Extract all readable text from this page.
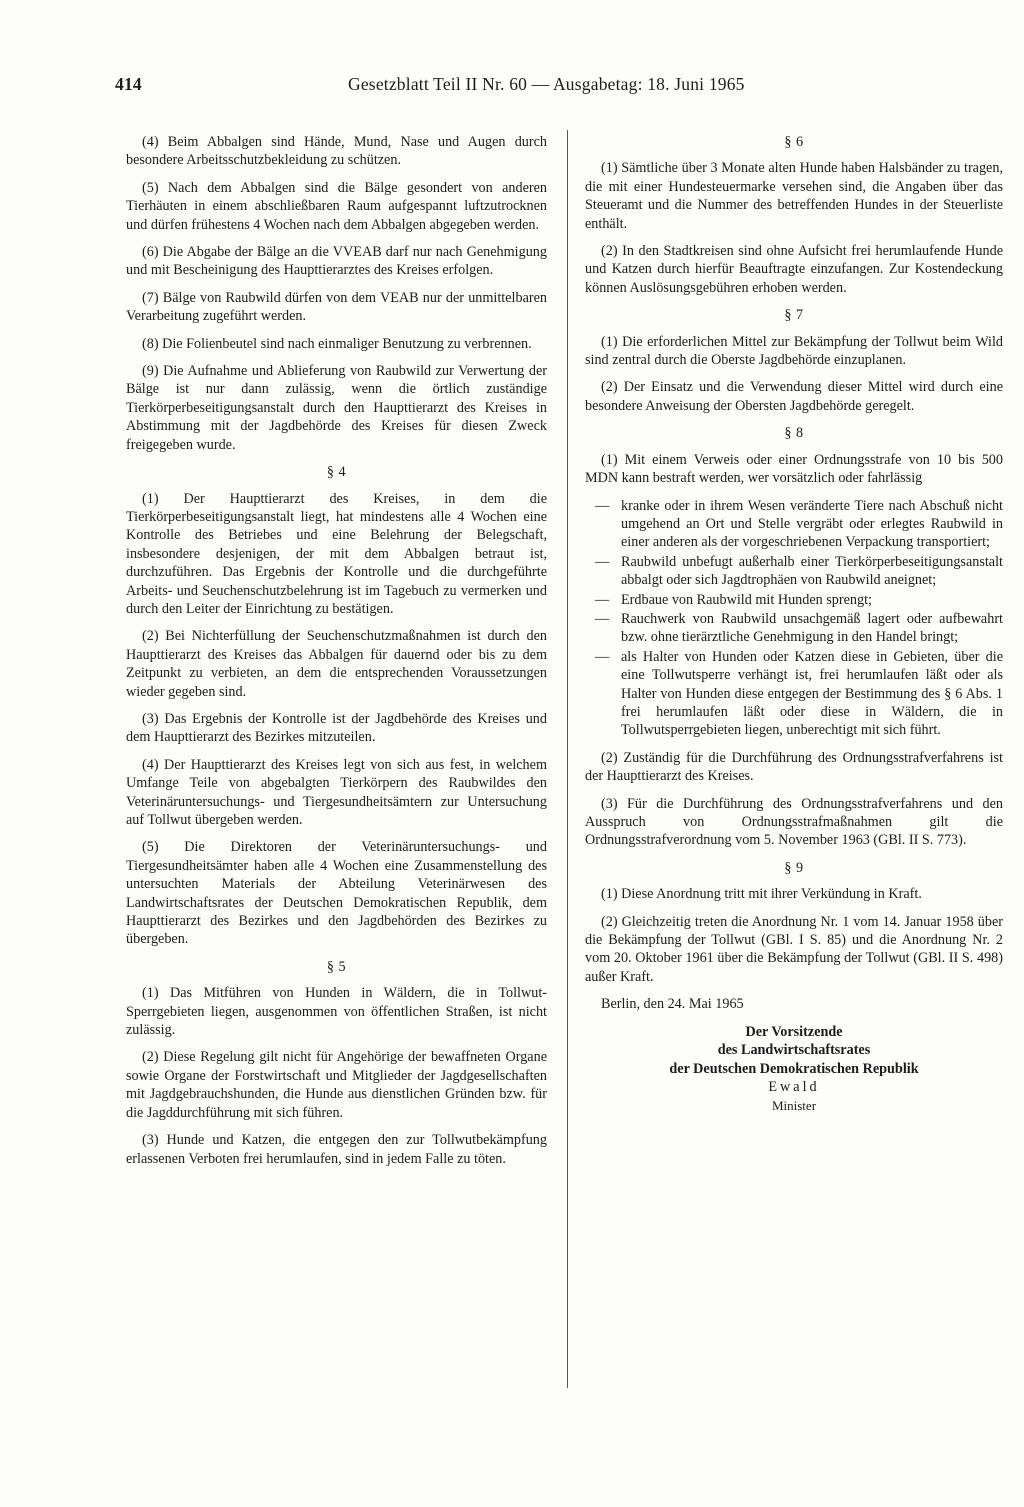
414	Gesetzblatt Teil II Nr. 60 — Ausgabetag: 18. Juni 1965

(4) Beim Abbalgen sind Hände, Mund, Nase und Augen durch besondere Arbeitsschutzbekleidung zu schützen.

(5) Nach dem Abbalgen sind die Bälge gesondert von anderen Tierhäuten in einem abschließbaren Raum aufgespannt luftzutrocknen und dürfen frühestens 4 Wochen nach dem Abbalgen abgegeben werden.

(6) Die Abgabe der Bälge an die VVEAB darf nur nach Genehmigung und mit Bescheinigung des Haupttierarztes des Kreises erfolgen.

(7) Bälge von Raubwild dürfen von dem VEAB nur der unmittelbaren Verarbeitung zugeführt werden.

(8) Die Folienbeutel sind nach einmaliger Benutzung zu verbrennen.

(9) Die Aufnahme und Ablieferung von Raubwild zur Verwertung der Bälge ist nur dann zulässig, wenn die örtlich zuständige Tierkörperbeseitigungsanstalt durch den Haupttierarzt des Kreises in Abstimmung mit der Jagdbehörde des Kreises für diesen Zweck freigegeben wurde.

§ 4

(1) Der Haupttierarzt des Kreises, in dem die Tierkörperbeseitigungsanstalt liegt, hat mindestens alle 4 Wochen eine Kontrolle des Betriebes und eine Belehrung der Belegschaft, insbesondere desjenigen, der mit dem Abbalgen betraut ist, durchzuführen. Das Ergebnis der Kontrolle und die durchgeführte Arbeits- und Seuchenschutzbelehrung ist im Tagebuch zu vermerken und durch den Leiter der Einrichtung zu bestätigen.

(2) Bei Nichterfüllung der Seuchenschutzmaßnahmen ist durch den Haupttierarzt des Kreises das Abbalgen für dauernd oder bis zu dem Zeitpunkt zu verbieten, an dem die entsprechenden Voraussetzungen wieder gegeben sind.

(3) Das Ergebnis der Kontrolle ist der Jagdbehörde des Kreises und dem Haupttierarzt des Bezirkes mitzuteilen.

(4) Der Haupttierarzt des Kreises legt von sich aus fest, in welchem Umfange Teile von abgebalgten Tierkörpern des Raubwildes den Veterinäruntersuchungs- und Tiergesundheitsämtern zur Untersuchung auf Tollwut übergeben werden.

(5) Die Direktoren der Veterinäruntersuchungs- und Tiergesundheitsämter haben alle 4 Wochen eine Zusammenstellung des untersuchten Materials der Abteilung Veterinärwesen des Landwirtschaftsrates der Deutschen Demokratischen Republik, dem Haupttierarzt des Bezirkes und den Jagdbehörden des Bezirkes zu übergeben.

§ 5

(1) Das Mitführen von Hunden in Wäldern, die in Tollwut-Sperrgebieten liegen, ausgenommen von öffentlichen Straßen, ist nicht zulässig.

(2) Diese Regelung gilt nicht für Angehörige der bewaffneten Organe sowie Organe der Forstwirtschaft und Mitglieder der Jagdgesellschaften mit Jagdgebrauchshunden, die Hunde aus dienstlichen Gründen bzw. für die Jagddurchführung mit sich führen.

(3) Hunde und Katzen, die entgegen den zur Tollwutbekämpfung erlassenen Verboten frei herumlaufen, sind in jedem Falle zu töten.

§ 6

(1) Sämtliche über 3 Monate alten Hunde haben Halsbänder zu tragen, die mit einer Hundesteuermarke versehen sind, die Angaben über das Steueramt und die Nummer des betreffenden Hundes in der Steuerliste enthält.

(2) In den Stadtkreisen sind ohne Aufsicht frei herumlaufende Hunde und Katzen durch hierfür Beauftragte einzufangen. Zur Kostendeckung können Auslösungsgebühren erhoben werden.

§ 7

(1) Die erforderlichen Mittel zur Bekämpfung der Tollwut beim Wild sind zentral durch die Oberste Jagdbehörde einzuplanen.

(2) Der Einsatz und die Verwendung dieser Mittel wird durch eine besondere Anweisung der Obersten Jagdbehörde geregelt.

§ 8

(1) Mit einem Verweis oder einer Ordnungsstrafe von 10 bis 500 MDN kann bestraft werden, wer vorsätzlich oder fahrlässig

— kranke oder in ihrem Wesen veränderte Tiere nach Abschuß nicht umgehend an Ort und Stelle vergräbt oder erlegtes Raubwild in einer anderen als der vorgeschriebenen Verpackung transportiert;
— Raubwild unbefugt außerhalb einer Tierkörperbeseitigungsanstalt abbalgt oder sich Jagdtrophäen von Raubwild aneignet;
— Erdbaue von Raubwild mit Hunden sprengt;
— Rauchwerk von Raubwild unsachgemäß lagert oder aufbewahrt bzw. ohne tierärztliche Genehmigung in den Handel bringt;
— als Halter von Hunden oder Katzen diese in Gebieten, über die eine Tollwutsperre verhängt ist, frei herumlaufen läßt oder als Halter von Hunden diese entgegen der Bestimmung des § 6 Abs. 1 frei herumlaufen läßt oder diese in Wäldern, die in Tollwutsperrgebieten liegen, unberechtigt mit sich führt.

(2) Zuständig für die Durchführung des Ordnungsstrafverfahrens ist der Haupttierarzt des Kreises.

(3) Für die Durchführung des Ordnungsstrafverfahrens und den Ausspruch von Ordnungsstrafmaßnahmen gilt die Ordnungsstrafverordnung vom 5. November 1963 (GBl. II S. 773).

§ 9

(1) Diese Anordnung tritt mit ihrer Verkündung in Kraft.

(2) Gleichzeitig treten die Anordnung Nr. 1 vom 14. Januar 1958 über die Bekämpfung der Tollwut (GBl. I S. 85) und die Anordnung Nr. 2 vom 20. Oktober 1961 über die Bekämpfung der Tollwut (GBl. II S. 498) außer Kraft.

Berlin, den 24. Mai 1965

Der Vorsitzende
des Landwirtschaftsrates
der Deutschen Demokratischen Republik
Ewald
Minister
